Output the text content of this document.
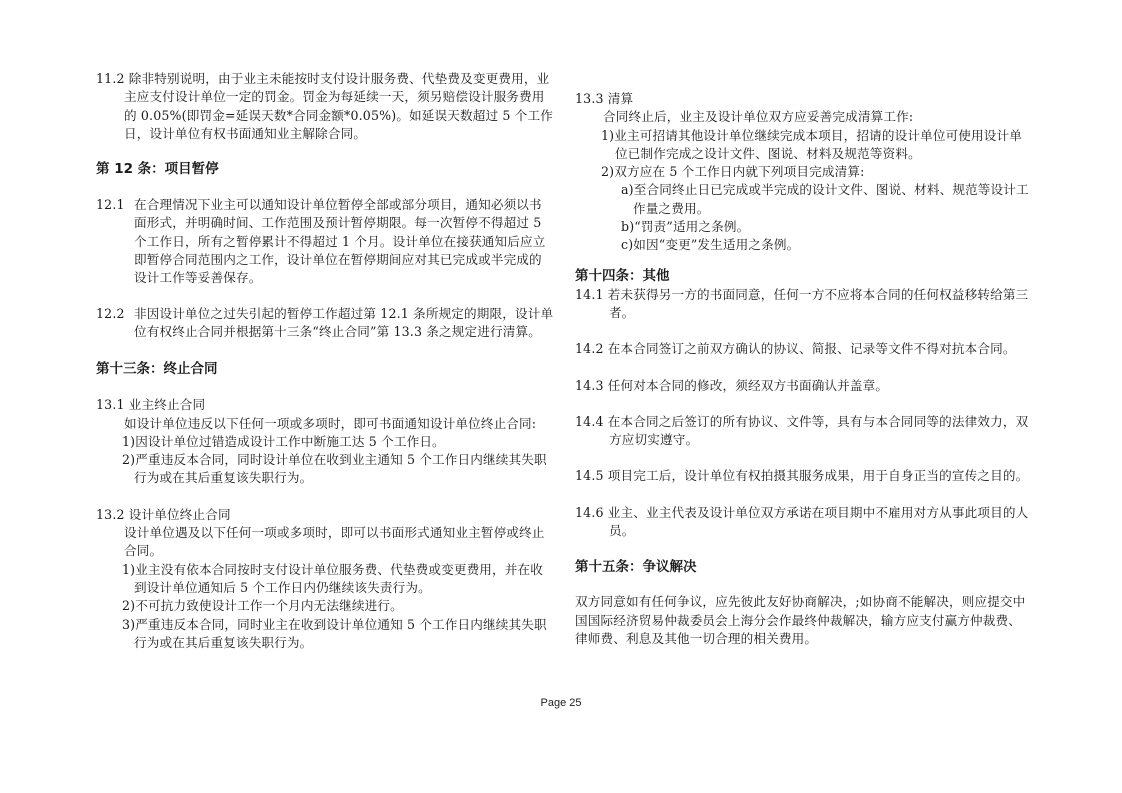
11.2 除非特别说明，由于业主未能按时支付设计服务费、代垫费及变更费用，业主应支付设计单位一定的罚金。罚金为每延续一天，须另赔偿设计服务费用的 0.05%(即罚金=延误天数*合同金额*0.05%)。如延误天数超过 5 个工作日，设计单位有权书面通知业主解除合同。

第 12 条：项目暂停

12.1 在合理情况下业主可以通知设计单位暂停全部或部分项目，通知必须以书面形式，并明确时间、工作范围及预计暂停期限。每一次暂停不得超过 5 个工作日，所有之暂停累计不得超过 1 个月。设计单位在接获通知后应立即暂停合同范围内之工作，设计单位在暂停期间应对其已完成或半完成的设计工作等妥善保存。

12.2 非因设计单位之过失引起的暂停工作超过第 12.1 条所规定的期限，设计单位有权终止合同并根据第十三条“终止合同”第 13.3 条之规定进行清算。

第十三条：终止合同

13.1 业主终止合同

如设计单位违反以下任何一项或多项时，即可书面通知设计单位终止合同:

1)因设计单位过错造成设计工作中断施工达 5 个工作日。

2)严重违反本合同，同时设计单位在收到业主通知 5 个工作日内继续其失职行为或在其后重复该失职行为。

13.2 设计单位终止合同

设计单位遇及以下任何一项或多项时，即可以书面形式通知业主暂停或终止合同。

1)业主没有依本合同按时支付设计单位服务费、代垫费或变更费用，并在收到设计单位通知后 5 个工作日内仍继续该失责行为。

2)不可抗力致使设计工作一个月内无法继续进行。

3)严重违反本合同，同时业主在收到设计单位通知 5 个工作日内继续其失职行为或在其后重复该失职行为。

13.3 清算

合同终止后，业主及设计单位双方应妥善完成清算工作:

1)业主可招请其他设计单位继续完成本项目，招请的设计单位可使用设计单位已制作完成之设计文件、图说、材料及规范等资料。

2)双方应在 5 个工作日内就下列项目完成清算:

a)至合同终止日已完成或半完成的设计文件、图说、材料、规范等设计工作量之费用。

b)“罚责”适用之条例。

c)如因“变更”发生适用之条例。

第十四条：其他

14.1 若未获得另一方的书面同意，任何一方不应将本合同的任何权益移转给第三者。

14.2 在本合同签订之前双方确认的协议、简报、记录等文件不得对抗本合同。

14.3 任何对本合同的修改，须经双方书面确认并盖章。

14.4 在本合同之后签订的所有协议、文件等，具有与本合同同等的法律效力，双方应切实遵守。

14.5 项目完工后，设计单位有权拍摄其服务成果，用于自身正当的宣传之目的。

14.6 业主、业主代表及设计单位双方承诺在项目期中不雇用对方从事此项目的人员。

第十五条：争议解决

双方同意如有任何争议，应先彼此友好协商解决，;如协商不能解决，则应提交中国国际经济贸易仲裁委员会上海分会作最终仲裁解决，输方应支付赢方仲裁费、律师费、利息及其他一切合理的相关费用。

Page 25
